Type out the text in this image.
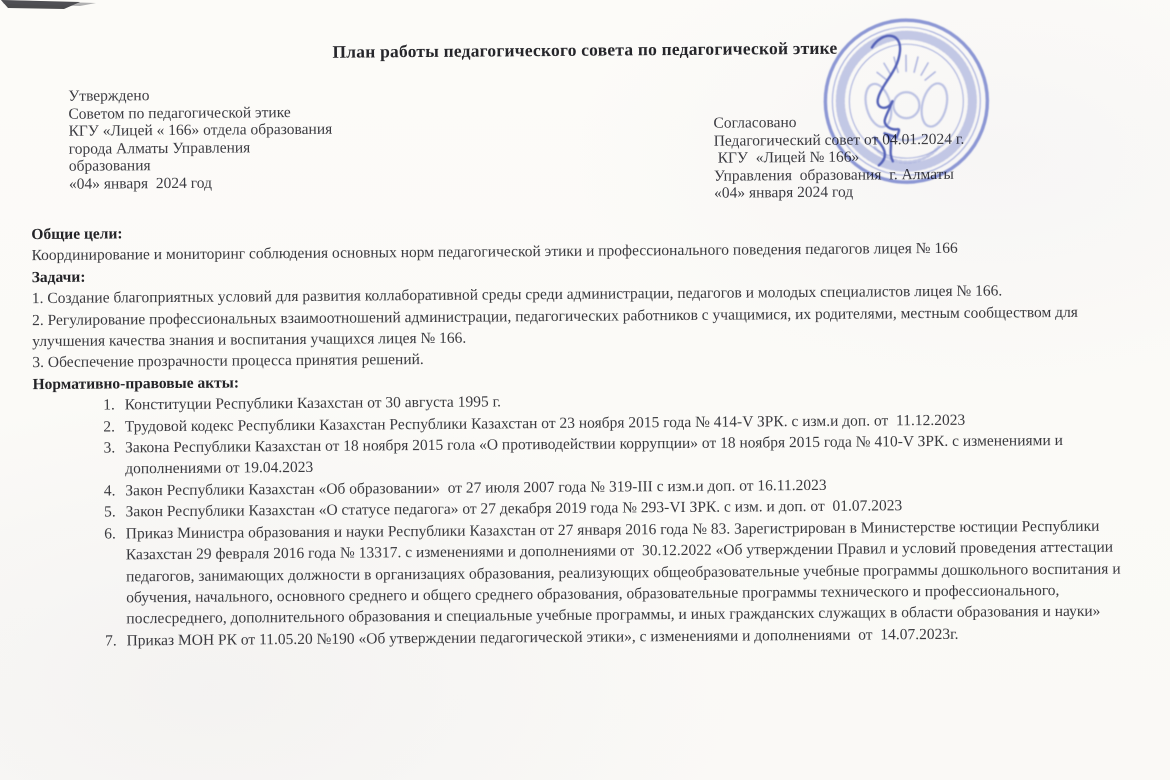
План работы педагогического совета по педагогической этике
Утверждено
Советом по педагогической этике
КГУ «Лицей « 166» отдела образования
города Алматы Управления
образования
«04» января  2024 год
Согласовано
Педагогический совет от 04.01.2024 г.
КГУ  «Лицей № 166»
Управления  образования  г. Алматы
«04» января 2024 год

Общие цели:

Координирование и мониторинг соблюдения основных норм педагогической этики и профессионального поведения педагогов лицея № 166

Задачи:

1. Создание благоприятных условий для развития коллаборативной среды среди администрации, педагогов и молодых специалистов лицея № 166.
2. Регулирование профессиональных взаимоотношений администрации, педагогических работников с учащимися, их родителями, местным сообществом для улучшения качества знания и воспитания учащихся лицея № 166.
3. Обеспечение прозрачности процесса принятия решений.

Нормативно-правовые акты:

1. Конституции Республики Казахстан от 30 августа 1995 г.
2. Трудовой кодекс Республики Казахстан Республики Казахстан от 23 ноября 2015 года № 414-V ЗРК. с изм.и доп. от  11.12.2023
3. Закона Республики Казахстан от 18 ноября 2015 гола «О противодействии коррупции» от 18 ноября 2015 года № 410-V ЗРК. с изменениями и дополнениями от 19.04.2023
4. Закон Республики Казахстан «Об образовании»  от 27 июля 2007 года № 319-III с изм.и доп. от 16.11.2023
5. Закон Республики Казахстан «О статусе педагога» от 27 декабря 2019 года № 293-VI ЗРК. с изм. и доп. от  01.07.2023
6. Приказ Министра образования и науки Республики Казахстан от 27 января 2016 года № 83. Зарегистрирован в Министерстве юстиции Республики Казахстан 29 февраля 2016 года № 13317. с изменениями и дополнениями от  30.12.2022 «Об утверждении Правил и условий проведения аттестации педагогов, занимающих должности в организациях образования, реализующих общеобразовательные учебные программы дошкольного воспитания и обучения, начального, основного среднего и общего среднего образования, образовательные программы технического и профессионального, послесреднего, дополнительного образования и специальные учебные программы, и иных гражданских служащих в области образования и науки»
7. Приказ МОН РК от 11.05.20 №190 «Об утверждении педагогической этики», с изменениями и дополнениями  от  14.07.2023г.
